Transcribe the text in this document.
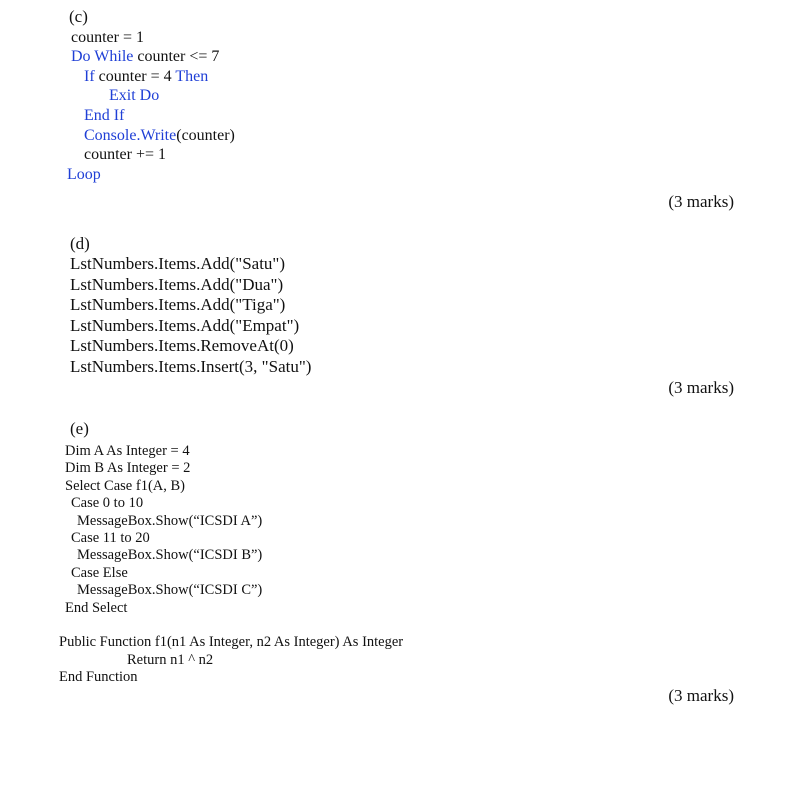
(c)
counter = 1
Do While counter <= 7
If counter = 4 Then
Exit Do
End If
Console.Write(counter)
counter += 1
Loop
(3 marks)
(d)
LstNumbers.Items.Add("Satu")
LstNumbers.Items.Add("Dua")
LstNumbers.Items.Add("Tiga")
LstNumbers.Items.Add("Empat")
LstNumbers.Items.RemoveAt(0)
LstNumbers.Items.Insert(3, "Satu")
(3 marks)
(e)
Dim A As Integer = 4
Dim B As Integer = 2
Select Case f1(A, B)
Case 0 to 10
MessageBox.Show(“ICSDI A”)
Case 11 to 20
MessageBox.Show(“ICSDI B”)
Case Else
MessageBox.Show(“ICSDI C”)
End Select
Public Function f1(n1 As Integer, n2 As Integer) As Integer
Return n1 ^ n2
End Function
(3 marks)
